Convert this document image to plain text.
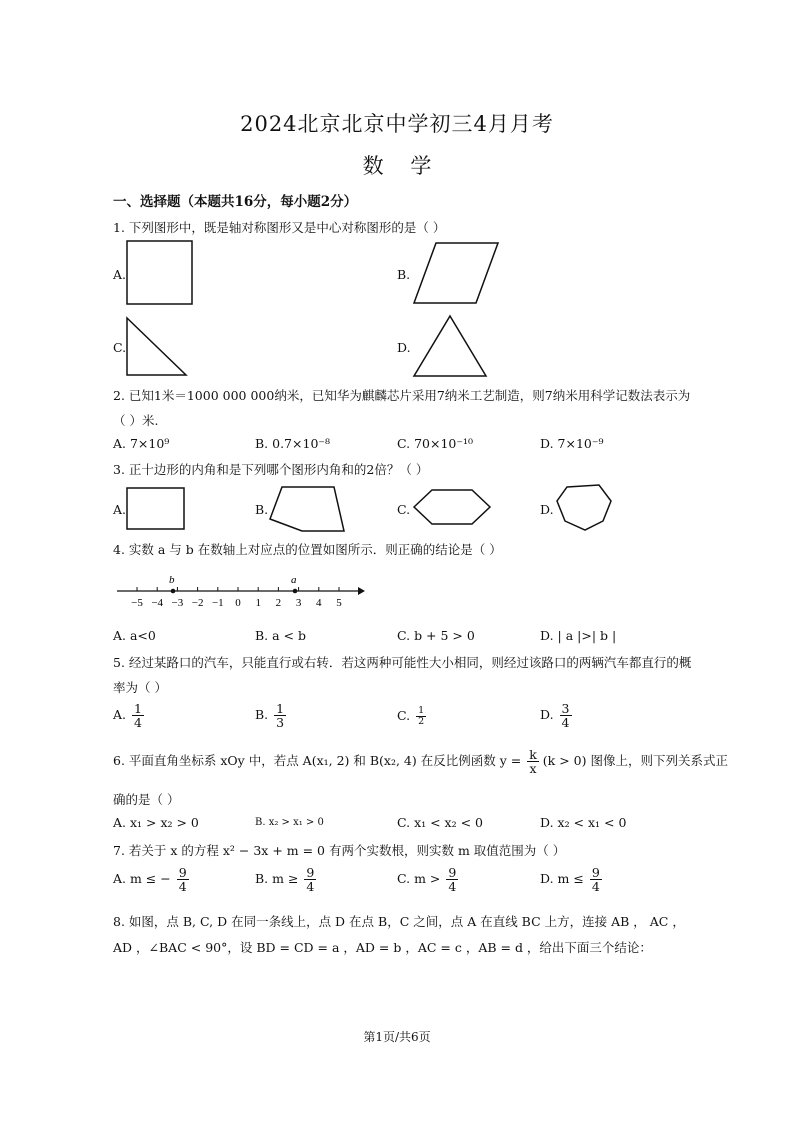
2024北京北京中学初三4月月考
数    学
一、选择题（本题共16分，每小题2分）
1. 下列图形中，既是轴对称图形又是中心对称图形的是（ ）
A.	B.
C.	D.
2. 已知1米＝1000 000 000纳米，已知华为麒麟芯片采用7纳米工艺制造，则7纳米用科学记数法表示为
（ ）米.
A. 7×10⁹	B. 0.7×10⁻⁸	C. 70×10⁻¹⁰	D. 7×10⁻⁹
3. 正十边形的内角和是下列哪个图形内角和的2倍？（ ）
A.	B.	C.	D.
4. 实数 a 与 b 在数轴上对应点的位置如图所示．则正确的结论是（ ）
−5 −4 −3 −2 −1 0 1 2 3 4 5
b	a
A. a<0	B. a < b	C. b + 5 > 0	D. | a |>| b |
5. 经过某路口的汽车，只能直行或右转．若这两种可能性大小相同，则经过该路口的两辆汽车都直行的概
率为（ ）
A. $\frac{1}{4}$	B. $\frac{1}{3}$	C. $\frac{1}{2}$	D. $\frac{3}{4}$
6. 平面直角坐标系 xOy 中，若点 A(x₁, 2) 和 B(x₂, 4) 在反比例函数 $y = \frac{k}{x} (k > 0)$ 图像上，则下列关系式正
确的是（ ）
A. x₁ > x₂ > 0	B. x₂ > x₁ > 0	C. x₁ < x₂ < 0	D. x₂ < x₁ < 0
7. 若关于 x 的方程 x² − 3x + m = 0 有两个实数根，则实数 m 取值范围为（ ）
A. m ≤ − $\frac{9}{4}$	B. $m \ge \frac{9}{4}$	C. $m > \frac{9}{4}$	D. $m \le \frac{9}{4}$
8. 如图，点 B, C, D 在同一条线上，点 D 在点 B，C 之间，点 A 在直线 BC 上方，连接 AB ， AC ，
AD ，∠BAC < 90°，设 BD = CD = a ，AD = b ，AC = c ，AB = d ，给出下面三个结论：
第1页/共6页
